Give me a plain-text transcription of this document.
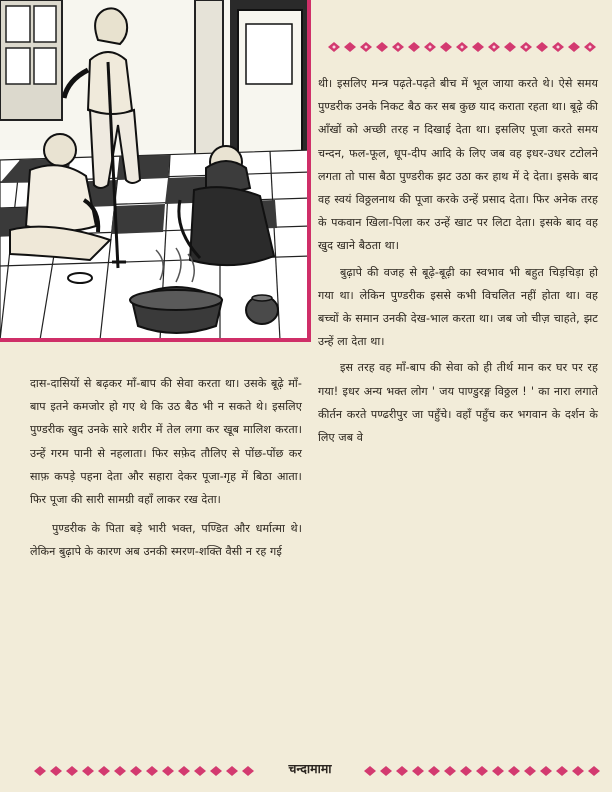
थी। इसलिए मन्त्र पढ़ते-पढ़ते बीच में भूल जाया करते थे। ऐसे समय पुण्डरीक उनके निकट बैठ कर सब कुछ याद कराता रहता था। बूढ़े की आँखों को अच्छी तरह न दिखाई देता था। इसलिए पूजा करते समय चन्दन, फल-फूल, धूप-दीप आदि के लिए जब वह इधर-उधर टटोलने लगता तो पास बैठा पुण्डरीक झट उठा कर हाथ में दे देता। इसके बाद वह स्वयं विठ्ठलनाथ की पूजा करके उन्हें प्रसाद देता। फिर अनेक तरह के पकवान खिला-पिला कर उन्हें खाट पर लिटा देता। इसके बाद वह खुद खाने बैठता था।

बुढ़ापे की वजह से बूढ़े-बूढ़ी का स्वभाव भी बहुत चिड़चिड़ा हो गया था। लेकिन पुण्डरीक इससे कभी विचलित नहीं होता था। वह बच्चों के समान उनकी देख-भाल करता था। जब जो चीज़ चाहते, झट उन्हें ला देता था।

इस तरह वह माँ-बाप की सेवा को ही तीर्थ मान कर घर पर रह गया! इधर अन्य भक्त लोग ' जय पाण्डुरङ्ग विठ्ठल ! ' का नारा लगाते कीर्तन करते पण्ढरीपुर जा पहुँचे। वहाँ पहुँच कर भगवान के दर्शन के लिए जब वे

दास-दासियों से बढ़कर माँ-बाप की सेवा करता था। उसके बूढ़े माँ-बाप इतने कमजोर हो गए थे कि उठ बैठ भी न सकते थे। इसलिए पुण्डरीक खुद उनके सारे शरीर में तेल लगा कर खूब मालिश करता। उन्हें गरम पानी से नहलाता। फिर सफ़ेद तौलिए से पोंछ-पोंछ कर साफ़ कपड़े पहना देता और सहारा देकर पूजा-गृह में बिठा आता। फिर पूजा की सारी सामग्री वहाँ लाकर रख देता।

पुण्डरीक के पिता बड़े भारी भक्त, पण्डित और धर्मात्मा थे। लेकिन बुढ़ापे के कारण अब उनकी स्मरण-शक्ति वैसी न रह गई

चन्दामामा
